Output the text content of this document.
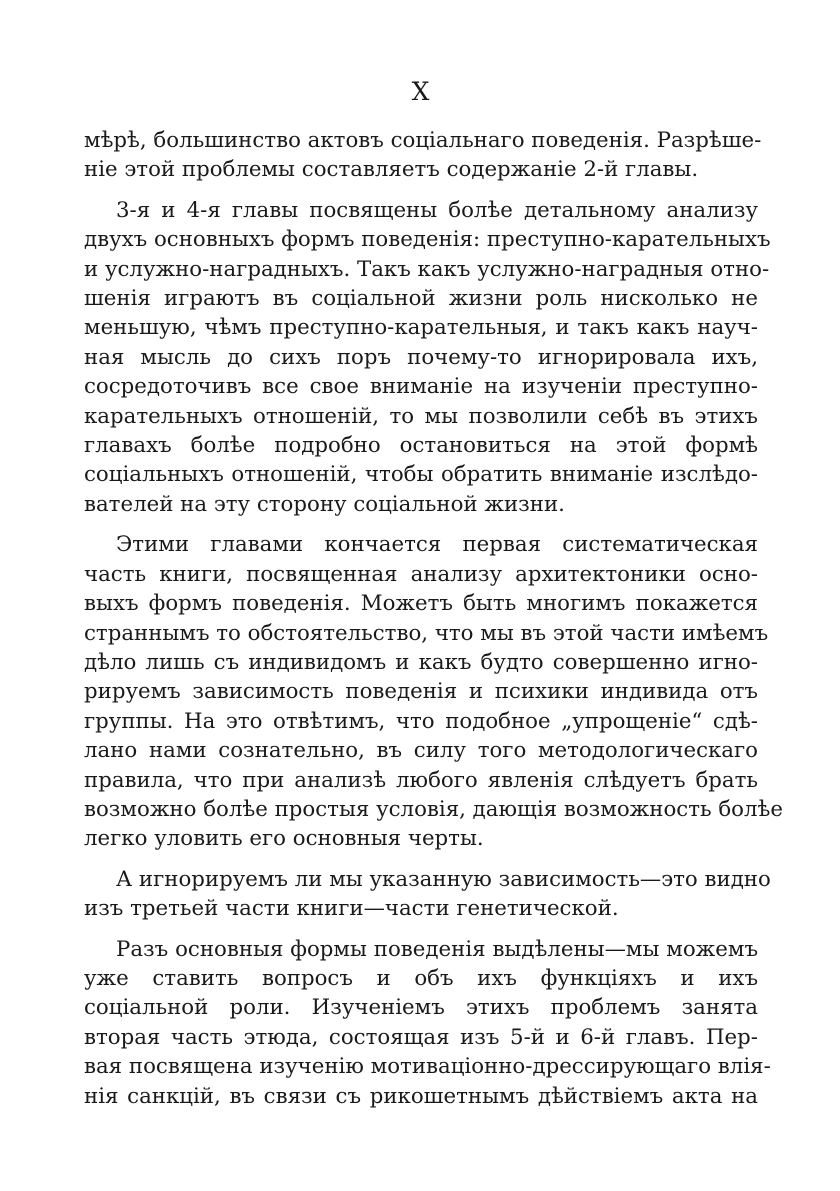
X
мѣрѣ, большинство актовъ соціальнаго поведенія. Разрѣше-
ніе этой проблемы составляетъ содержаніе 2-й главы.
3-я и 4-я главы посвящены болѣе детальному анализу
двухъ основныхъ формъ поведенія: преступно-карательныхъ
и услужно-наградныхъ. Такъ какъ услужно-наградныя отно-
шенія играютъ въ соціальной жизни роль нисколько не
меньшую, чѣмъ преступно-карательныя, и такъ какъ науч-
ная мысль до сихъ поръ почему-то игнорировала ихъ,
сосредоточивъ все свое вниманіе на изученіи преступно-
карательныхъ отношеній, то мы позволили себѣ въ этихъ
главахъ болѣе подробно остановиться на этой формѣ
соціальныхъ отношеній, чтобы обратить вниманіе изслѣдо-
вателей на эту сторону соціальной жизни.
Этими главами кончается первая систематическая
часть книги, посвященная анализу архитектоники осно-
выхъ формъ поведенія. Можетъ быть многимъ покажется
страннымъ то обстоятельство, что мы въ этой части имѣемъ
дѣло лишь съ индивидомъ и какъ будто совершенно игно-
рируемъ зависимость поведенія и психики индивида отъ
группы. На это отвѣтимъ, что подобное „упрощеніе“ сдѣ-
лано нами сознательно, въ силу того методологическаго
правила, что при анализѣ любого явленія слѣдуетъ брать
возможно болѣе простыя условія, дающія возможность болѣе
легко уловить его основныя черты.
А игнорируемъ ли мы указанную зависимость—это видно
изъ третьей части книги—части генетической.
Разъ основныя формы поведенія выдѣлены—мы можемъ
уже ставить вопросъ и объ ихъ функціяхъ и ихъ
соціальной роли. Изученіемъ этихъ проблемъ занята
вторая часть этюда, состоящая изъ 5-й и 6-й главъ. Пер-
вая посвящена изученію мотиваціонно-дрессирующаго влія-
нія санкцій, въ связи съ рикошетнымъ дѣйствіемъ акта на
